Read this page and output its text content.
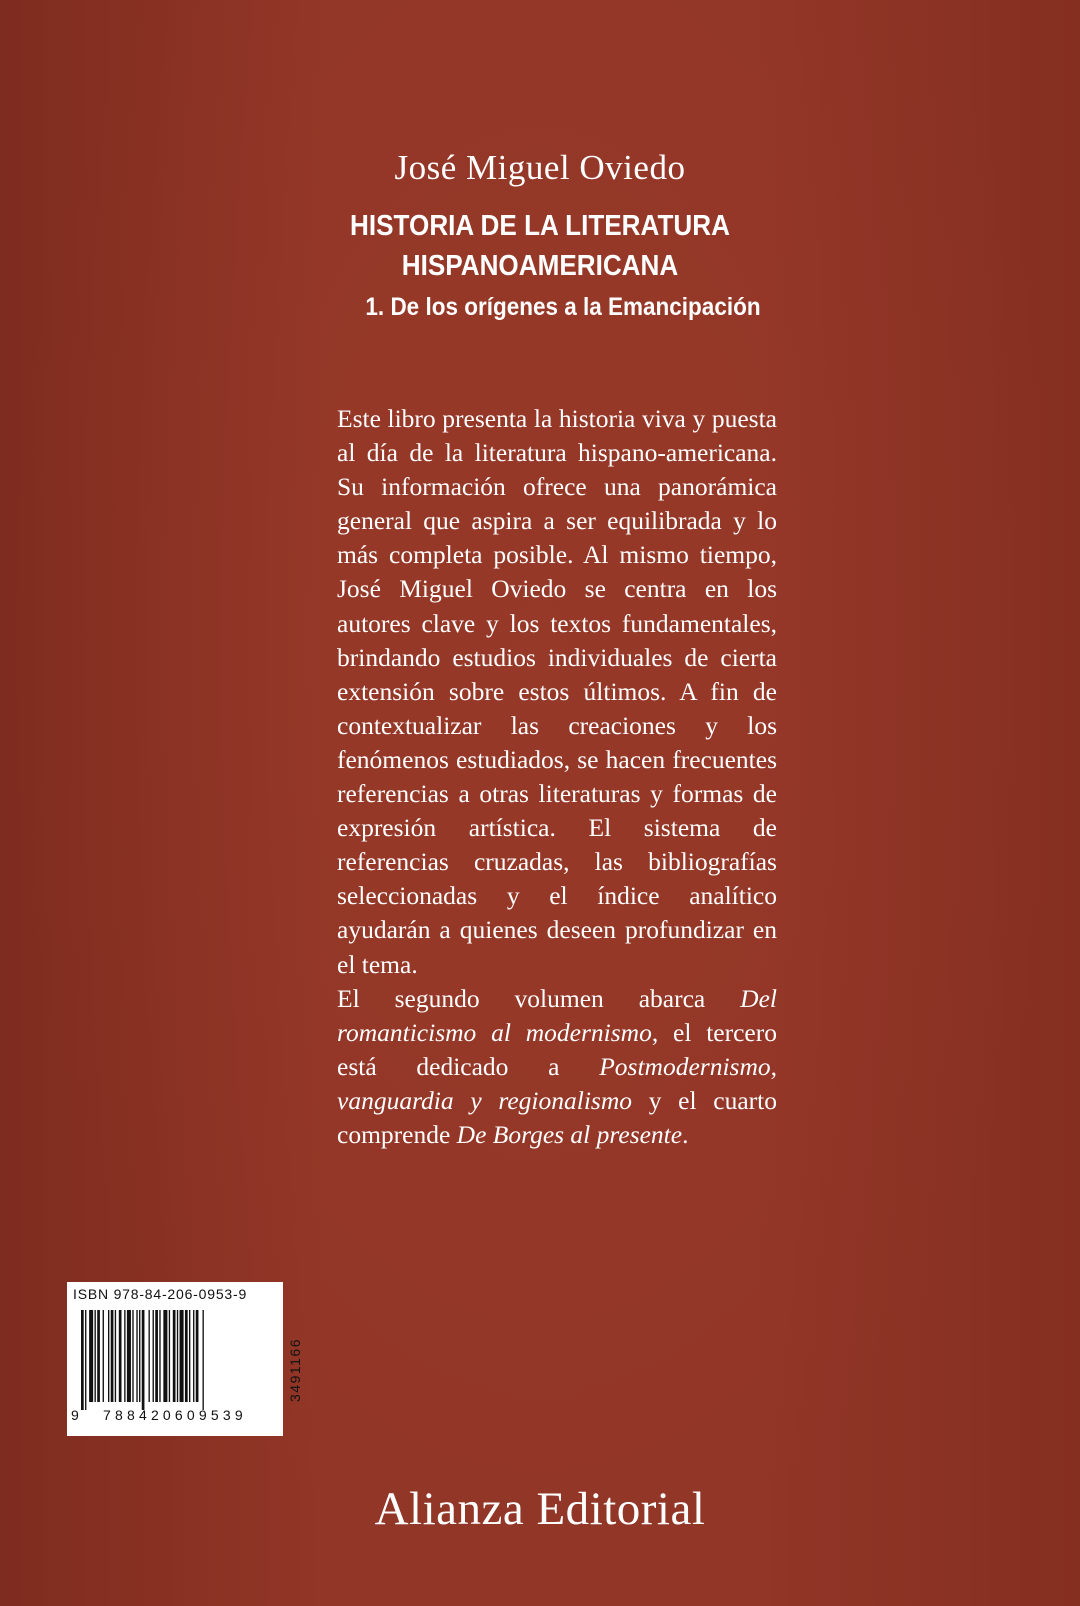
José Miguel Oviedo
HISTORIA DE LA LITERATURA
HISPANOAMERICANA
1. De los orígenes a la Emancipación

Este libro presenta la historia viva y puesta al día de la literatura hispano-americana. Su información ofrece una panorámica general que aspira a ser equilibrada y lo más completa posible. Al mismo tiempo, José Miguel Oviedo se centra en los autores clave y los textos fundamentales, brindando estudios individuales de cierta extensión sobre estos últimos. A fin de contextualizar las creaciones y los fenómenos estudiados, se hacen frecuentes referencias a otras literaturas y formas de expresión artística. El sistema de referencias cruzadas, las bibliografías seleccionadas y el índice analítico ayudarán a quienes deseen profundizar en el tema.

El segundo volumen abarca Del romanticismo al modernismo, el tercero está dedicado a Postmodernismo, vanguardia y regionalismo y el cuarto comprende De Borges al presente.

ISBN 978-84-206-0953-9
9 788420609539
3491166
Alianza Editorial
